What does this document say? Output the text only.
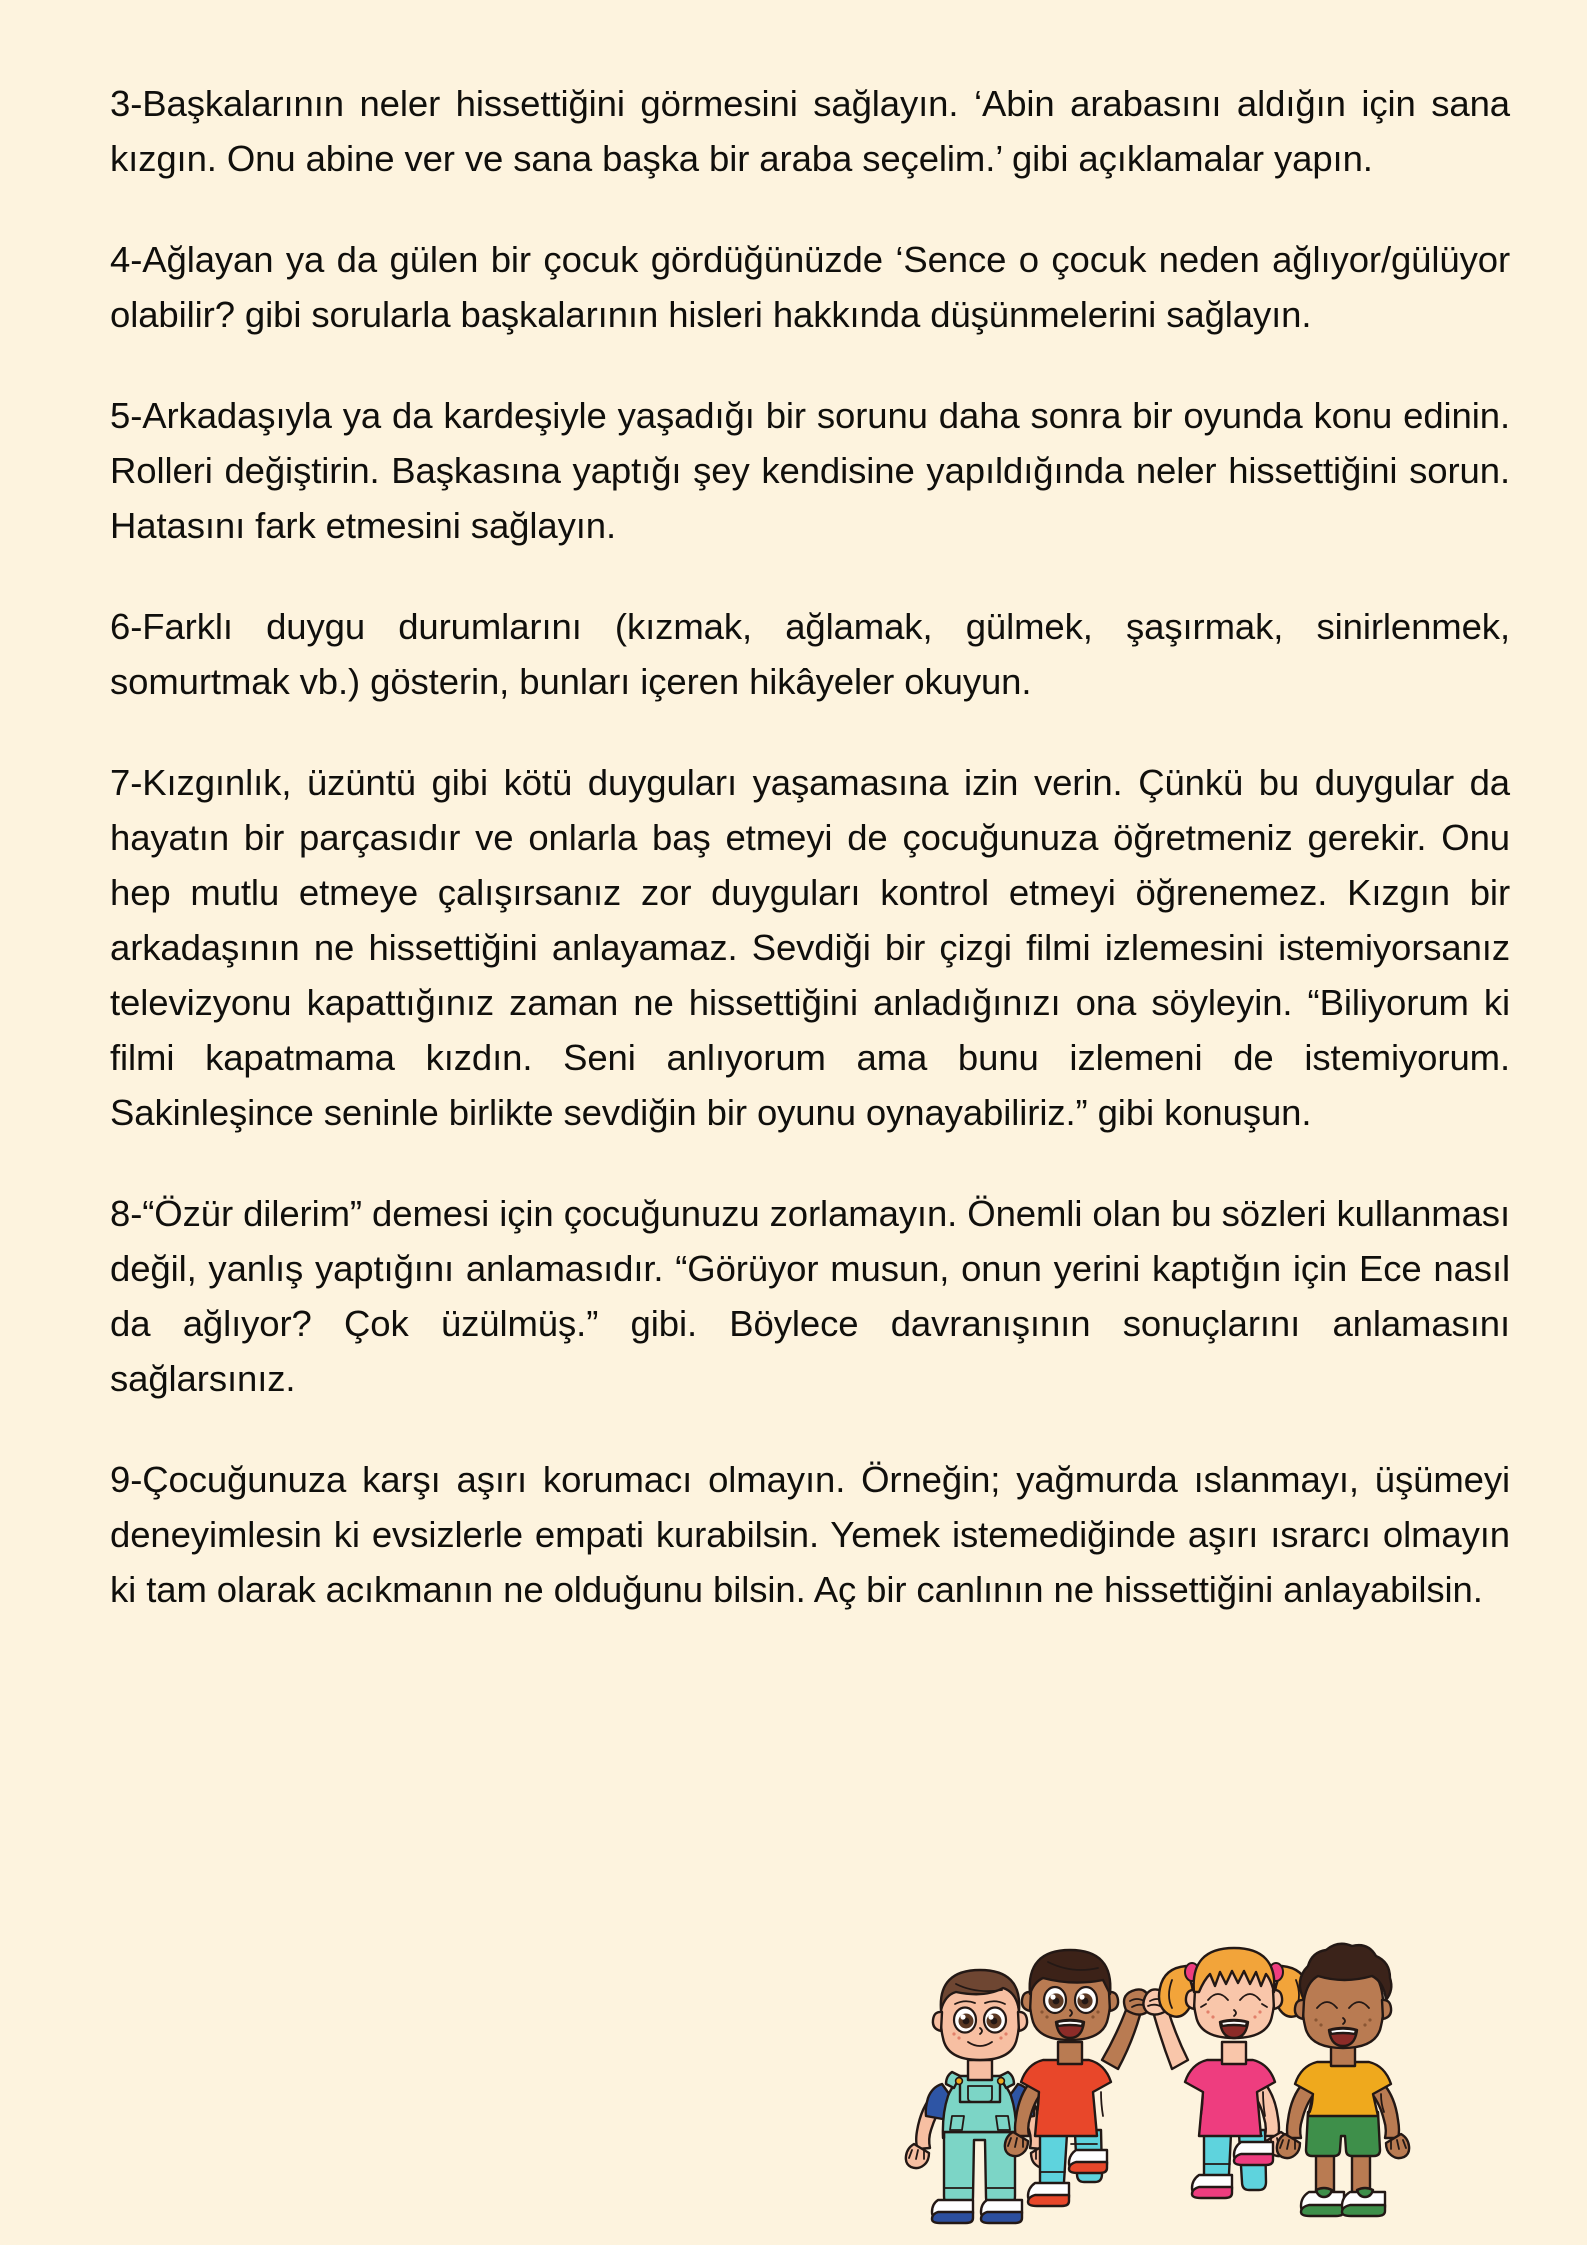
3-Başkalarının neler hissettiğini görmesini sağlayın. ‘Abin arabasını aldığın için sana kızgın. Onu abine ver ve sana başka bir araba seçelim.’ gibi açıklamalar yapın.

4-Ağlayan ya da gülen bir çocuk gördüğünüzde ‘Sence o çocuk neden ağlıyor/gülüyor olabilir? gibi sorularla başkalarının hisleri hakkında düşünmelerini sağlayın.

5-Arkadaşıyla ya da kardeşiyle yaşadığı bir sorunu daha sonra bir oyunda konu edinin. Rolleri değiştirin. Başkasına yaptığı şey kendisine yapıldığında neler hissettiğini sorun. Hatasını fark etmesini sağlayın.

6-Farklı duygu durumlarını (kızmak, ağlamak, gülmek, şaşırmak, sinirlenmek, somurtmak vb.) gösterin, bunları içeren hikâyeler okuyun.

7-Kızgınlık, üzüntü gibi kötü duyguları yaşamasına izin verin. Çünkü bu duygular da hayatın bir parçasıdır ve onlarla baş etmeyi de çocuğunuza öğretmeniz gerekir. Onu hep mutlu etmeye çalışırsanız zor duyguları kontrol etmeyi öğrenemez. Kızgın bir arkadaşının ne hissettiğini anlayamaz. Sevdiği bir çizgi filmi izlemesini istemiyorsanız televizyonu kapattığınız zaman ne hissettiğini anladığınızı ona söyleyin. “Biliyorum ki filmi kapatmama kızdın. Seni anlıyorum ama bunu izlemeni de istemiyorum. Sakinleşince seninle birlikte sevdiğin bir oyunu oynayabiliriz.” gibi konuşun.

8-“Özür dilerim” demesi için çocuğunuzu zorlamayın. Önemli olan bu sözleri kullanması değil, yanlış yaptığını anlamasıdır. “Görüyor musun, onun yerini kaptığın için Ece nasıl da ağlıyor? Çok üzülmüş.” gibi. Böylece davranışının sonuçlarını anlamasını sağlarsınız.

9-Çocuğunuza karşı aşırı korumacı olmayın. Örneğin; yağmurda ıslanmayı, üşümeyi deneyimlesin ki evsizlerle empati kurabilsin. Yemek istemediğinde aşırı ısrarcı olmayın ki tam olarak acıkmanın ne olduğunu bilsin. Aç bir canlının ne hissettiğini anlayabilsin.
